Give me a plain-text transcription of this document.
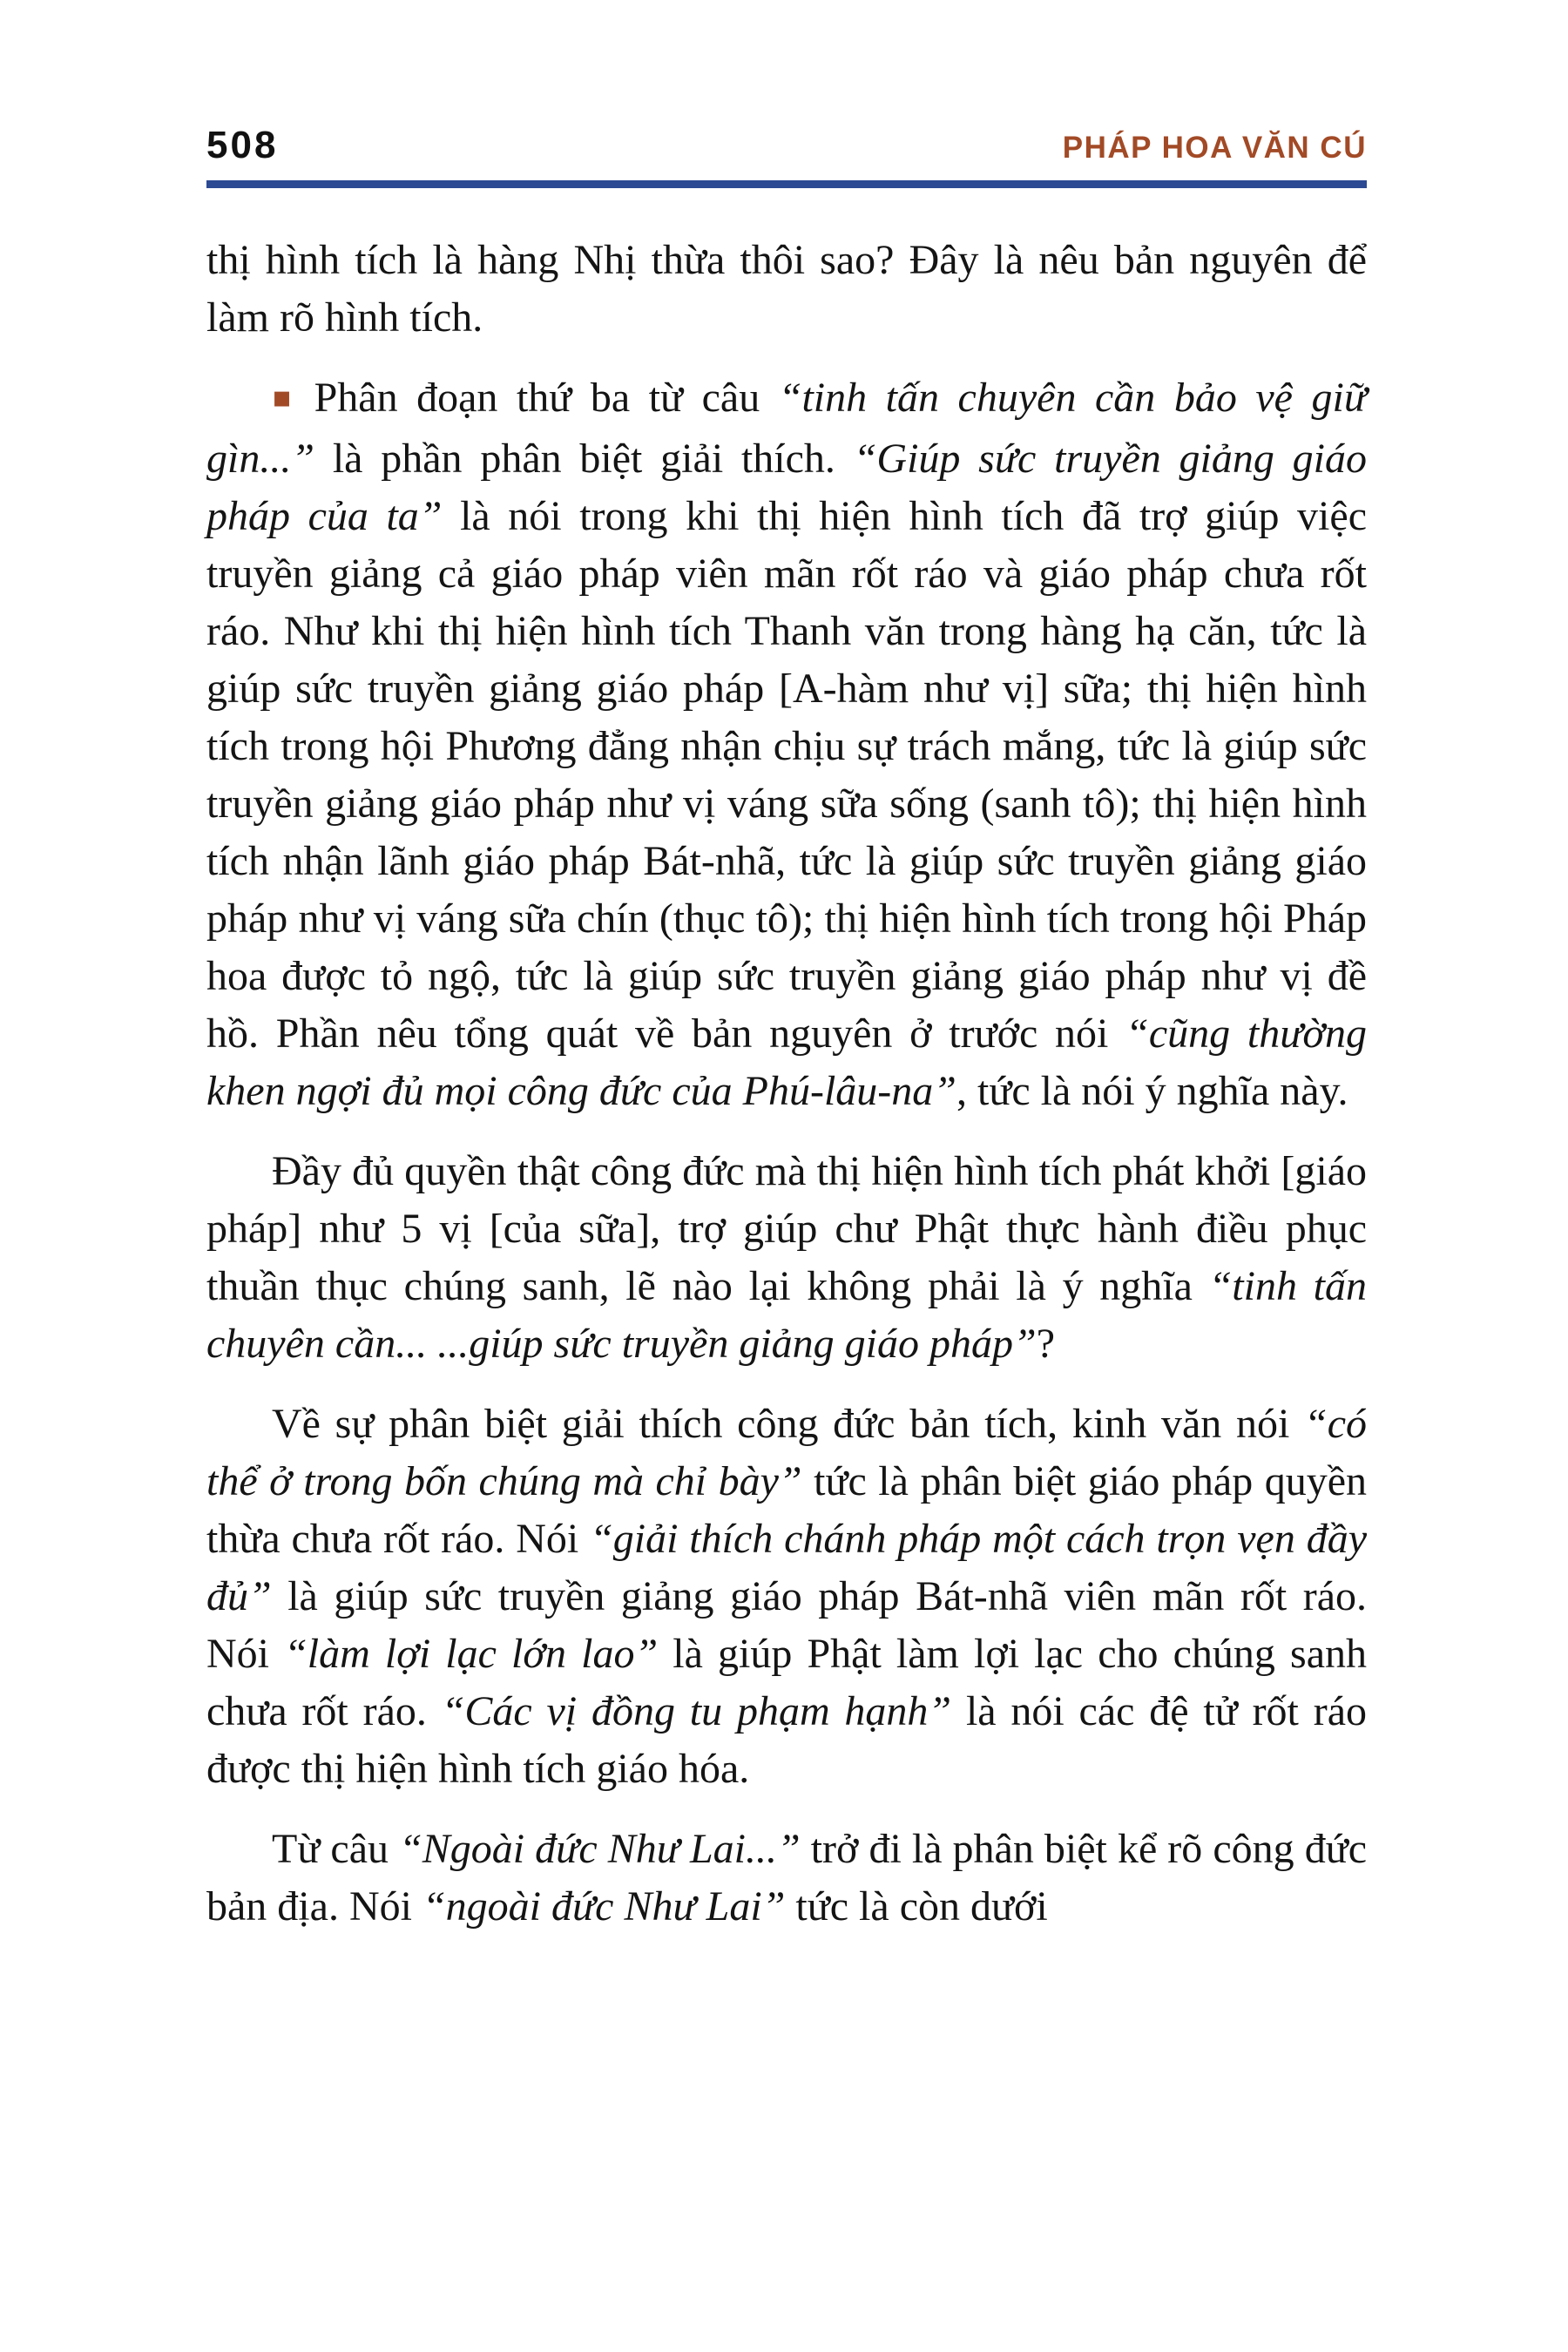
508	PHÁP HOA VĂN CÚ

thị hình tích là hàng Nhị thừa thôi sao? Đây là nêu bản nguyên để làm rõ hình tích.

▪ Phân đoạn thứ ba từ câu “tinh tấn chuyên cần bảo vệ giữ gìn...” là phần phân biệt giải thích. “Giúp sức truyền giảng giáo pháp của ta” là nói trong khi thị hiện hình tích đã trợ giúp việc truyền giảng cả giáo pháp viên mãn rốt ráo và giáo pháp chưa rốt ráo. Như khi thị hiện hình tích Thanh văn trong hàng hạ căn, tức là giúp sức truyền giảng giáo pháp [A-hàm như vị] sữa; thị hiện hình tích trong hội Phương đẳng nhận chịu sự trách mắng, tức là giúp sức truyền giảng giáo pháp như vị váng sữa sống (sanh tô); thị hiện hình tích nhận lãnh giáo pháp Bát-nhã, tức là giúp sức truyền giảng giáo pháp như vị váng sữa chín (thục tô); thị hiện hình tích trong hội Pháp hoa được tỏ ngộ, tức là giúp sức truyền giảng giáo pháp như vị đề hồ. Phần nêu tổng quát về bản nguyên ở trước nói “cũng thường khen ngợi đủ mọi công đức của Phú-lâu-na”, tức là nói ý nghĩa này.

Đầy đủ quyền thật công đức mà thị hiện hình tích phát khởi [giáo pháp] như 5 vị [của sữa], trợ giúp chư Phật thực hành điều phục thuần thục chúng sanh, lẽ nào lại không phải là ý nghĩa “tinh tấn chuyên cần... ...giúp sức truyền giảng giáo pháp”?

Về sự phân biệt giải thích công đức bản tích, kinh văn nói “có thể ở trong bốn chúng mà chỉ bày” tức là phân biệt giáo pháp quyền thừa chưa rốt ráo. Nói “giải thích chánh pháp một cách trọn vẹn đầy đủ” là giúp sức truyền giảng giáo pháp Bát-nhã viên mãn rốt ráo. Nói “làm lợi lạc lớn lao” là giúp Phật làm lợi lạc cho chúng sanh chưa rốt ráo. “Các vị đồng tu phạm hạnh” là nói các đệ tử rốt ráo được thị hiện hình tích giáo hóa.

Từ câu “Ngoài đức Như Lai...” trở đi là phân biệt kể rõ công đức bản địa. Nói “ngoài đức Như Lai” tức là còn dưới
